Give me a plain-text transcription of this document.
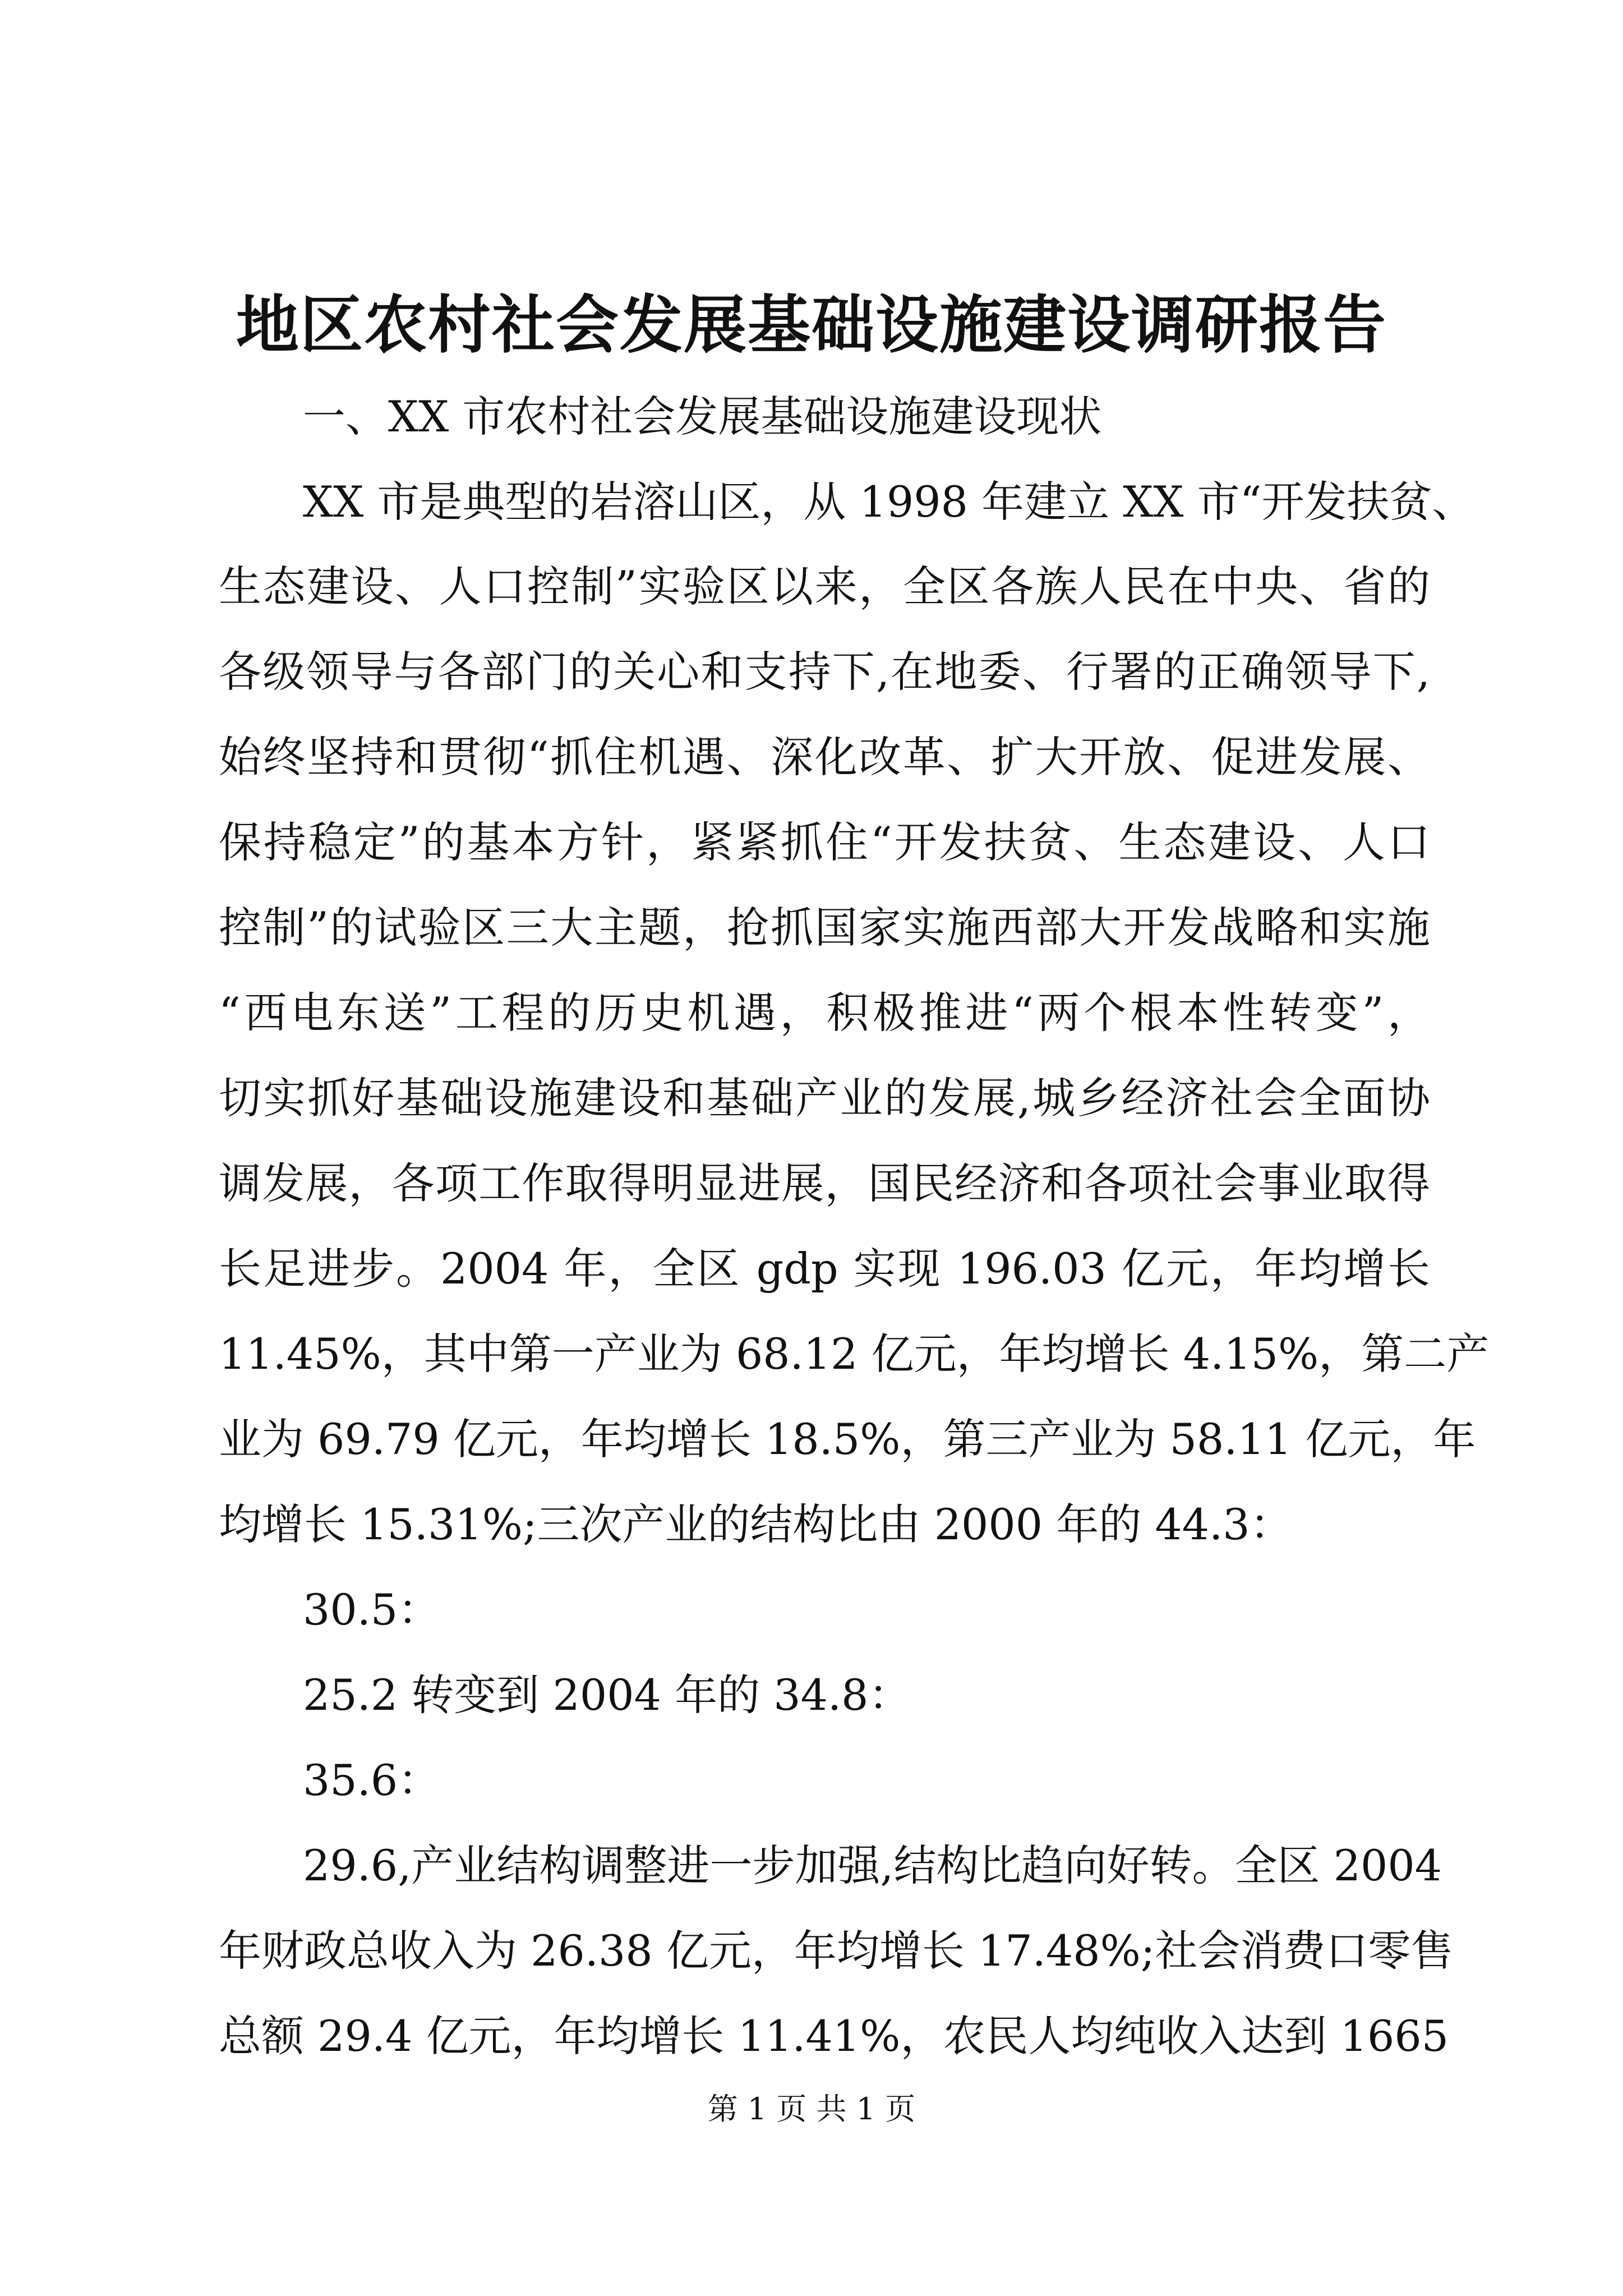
地区农村社会发展基础设施建设调研报告
一、XX 市农村社会发展基础设施建设现状
XX 市是典型的岩溶山区，从 1998 年建立 XX 市“开发扶贫、
生态建设、人口控制”实验区以来，全区各族人民在中央、省的
各级领导与各部门的关心和支持下,在地委、行署的正确领导下,
始终坚持和贯彻“抓住机遇、深化改革、扩大开放、促进发展、
保持稳定”的基本方针，紧紧抓住“开发扶贫、生态建设、人口
控制”的试验区三大主题，抢抓国家实施西部大开发战略和实施
“西电东送”工程的历史机遇，积极推进“两个根本性转变”，
切实抓好基础设施建设和基础产业的发展,城乡经济社会全面协
调发展，各项工作取得明显进展，国民经济和各项社会事业取得
长足进步。2004 年，全区 gdp 实现 196.03 亿元，年均增长
11.45%，其中第一产业为 68.12 亿元，年均增长 4.15%，第二产
业为 69.79 亿元，年均增长 18.5%，第三产业为 58.11 亿元，年
均增长 15.31%;三次产业的结构比由 2000 年的 44.3：
30.5：
25.2 转变到 2004 年的 34.8：
35.6：
29.6,产业结构调整进一步加强,结构比趋向好转。全区 2004
年财政总收入为 26.38 亿元，年均增长 17.48%;社会消费口零售
总额 29.4 亿元，年均增长 11.41%，农民人均纯收入达到 1665
第 1 页 共 1 页
